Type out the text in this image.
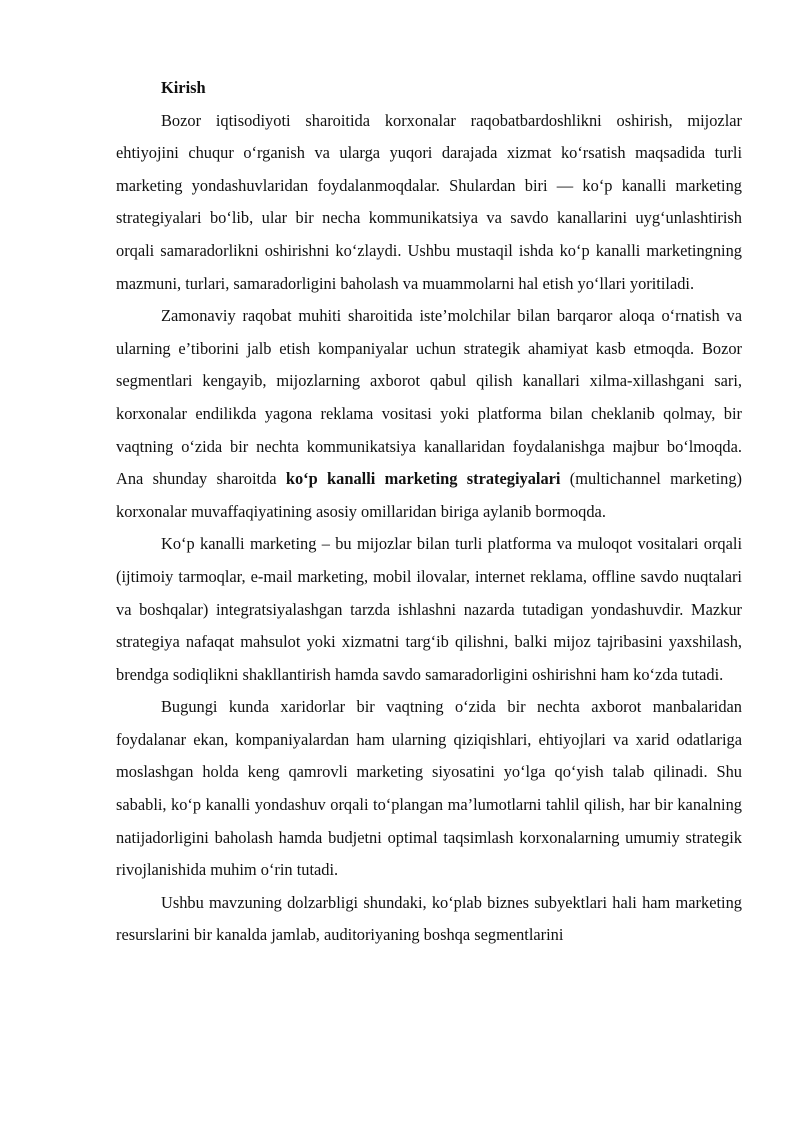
Kirish

Bozor iqtisodiyoti sharoitida korxonalar raqobatbardoshlikni oshirish, mijozlar ehtiyojini chuqur o‘rganish va ularga yuqori darajada xizmat ko‘rsatish maqsadida turli marketing yondashuvlaridan foydalanmoqdalar. Shulardan biri — ko‘p kanalli marketing strategiyalari bo‘lib, ular bir necha kommunikatsiya va savdo kanallarini uyg‘unlashtirish orqali samaradorlikni oshirishni ko‘zlaydi. Ushbu mustaqil ishda ko‘p kanalli marketingning mazmuni, turlari, samaradorligini baholash va muammolarni hal etish yo‘llari yoritiladi.

Zamonaviy raqobat muhiti sharoitida iste’molchilar bilan barqaror aloqa o‘rnatish va ularning e’tiborini jalb etish kompaniyalar uchun strategik ahamiyat kasb etmoqda. Bozor segmentlari kengayib, mijozlarning axborot qabul qilish kanallari xilma-xillashgani sari, korxonalar endilikda yagona reklama vositasi yoki platforma bilan cheklanib qolmay, bir vaqtning o‘zida bir nechta kommunikatsiya kanallaridan foydalanishga majbur bo‘lmoqda. Ana shunday sharoitda ko‘p kanalli marketing strategiyalari (multichannel marketing) korxonalar muvaffaqiyatining asosiy omillaridan biriga aylanib bormoqda.

Ko‘p kanalli marketing – bu mijozlar bilan turli platforma va muloqot vositalari orqali (ijtimoiy tarmoqlar, e-mail marketing, mobil ilovalar, internet reklama, offline savdo nuqtalari va boshqalar) integratsiyalashgan tarzda ishlashni nazarda tutadigan yondashuvdir. Mazkur strategiya nafaqat mahsulot yoki xizmatni targ‘ib qilishni, balki mijoz tajribasini yaxshilash, brendga sodiqlikni shakllantirish hamda savdo samaradorligini oshirishni ham ko‘zda tutadi.

Bugungi kunda xaridorlar bir vaqtning o‘zida bir nechta axborot manbalaridan foydalanar ekan, kompaniyalardan ham ularning qiziqishlari, ehtiyojlari va xarid odatlariga moslashgan holda keng qamrovli marketing siyosatini yo‘lga qo‘yish talab qilinadi. Shu sababli, ko‘p kanalli yondashuv orqali to‘plangan ma’lumotlarni tahlil qilish, har bir kanalning natijadorligini baholash hamda budjetni optimal taqsimlash korxonalarning umumiy strategik rivojlanishida muhim o‘rin tutadi.

Ushbu mavzuning dolzarbligi shundaki, ko‘plab biznes subyektlari hali ham marketing resurslarini bir kanalda jamlab, auditoriyaning boshqa segmentlarini
